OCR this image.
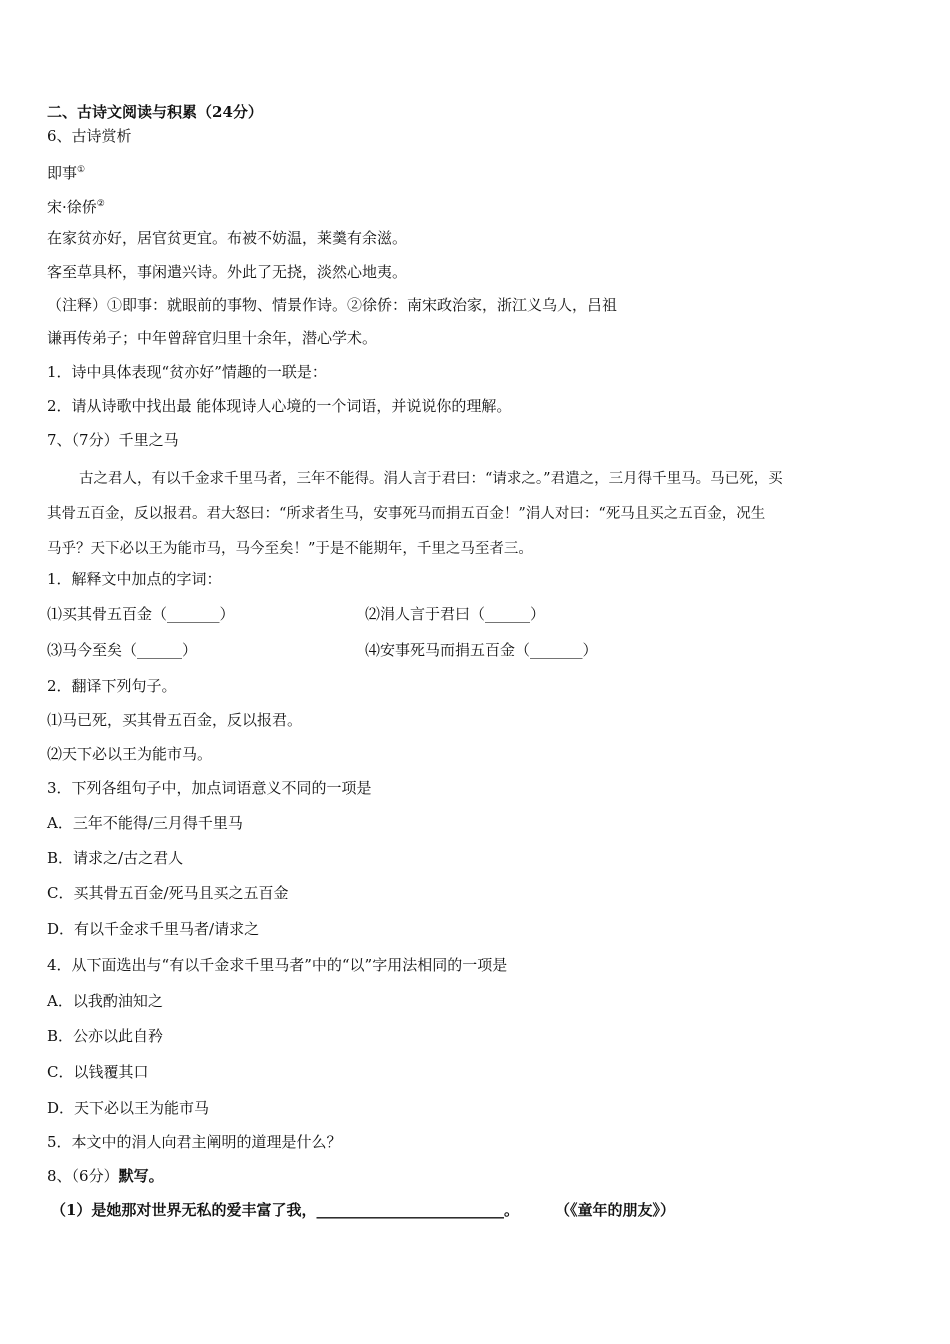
二、古诗文阅读与积累（24分）
6、古诗赏析
即事①
宋·徐侨②
在家贫亦好，居官贫更宜。布被不妨温，莱羹有余滋。
客至草具杯，事闲遣兴诗。外此了无挠，淡然心地夷。
（注释）①即事：就眼前的事物、情景作诗。②徐侨：南宋政治家，浙江义乌人，吕祖
谦再传弟子；中年曾辞官归里十余年，潜心学术。
1．诗中具体表现“贫亦好”情趣的一联是：
2．请从诗歌中找出最 能体现诗人心境的一个词语，并说说你的理解。
7、（7分）千里之马
古之君人，有以千金求千里马者，三年不能得。涓人言于君曰：“请求之。”君遣之，三月得千里马。马已死，买
其骨五百金，反以报君。君大怒曰：“所求者生马，安事死马而捐五百金！”涓人对曰：“死马且买之五百金，况生
马乎？天下必以王为能市马，马今至矣！”于是不能期年，千里之马至者三。
1．解释文中加点的字词：
⑴买其骨五百金（_______）	⑵涓人言于君曰（______）
⑶马今至矣（______）	⑷安事死马而捐五百金（_______）
2．翻译下列句子。
⑴马已死，买其骨五百金，反以报君。
⑵天下必以王为能市马。
3．下列各组句子中，加点词语意义不同的一项是
A．三年不能得/三月得千里马
B．请求之/古之君人
C．买其骨五百金/死马且买之五百金
D．有以千金求千里马者/请求之
4．从下面选出与“有以千金求千里马者”中的“以”字用法相同的一项是
A．以我酌油知之
B．公亦以此自矜
C．以钱覆其口
D．天下必以王为能市马
5．本文中的涓人向君主阐明的道理是什么？
8、（6分）默写。
（1）是她那对世界无私的爱丰富了我，_________________________。 （《童年的朋友》）
